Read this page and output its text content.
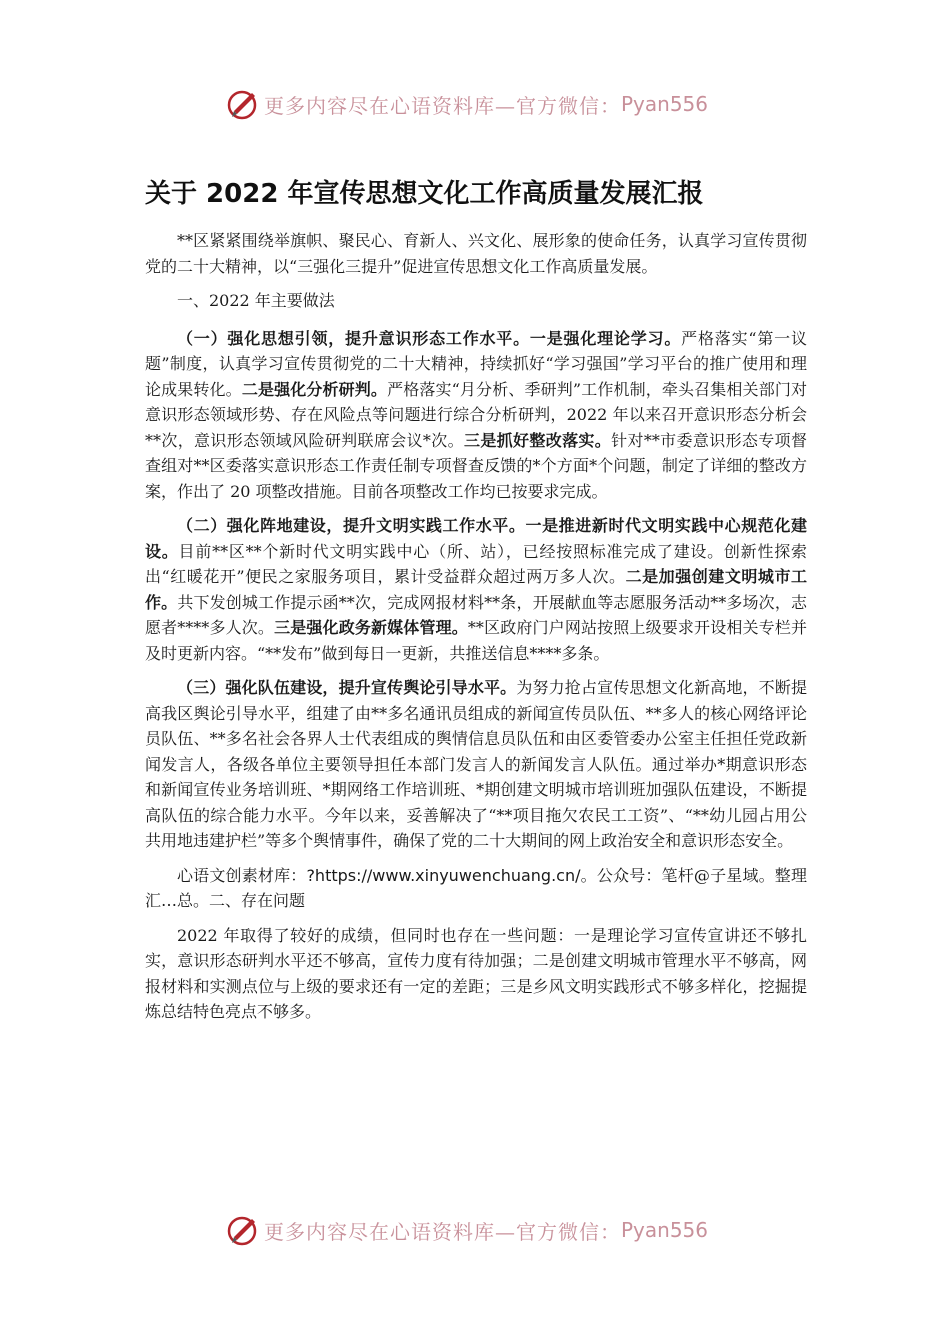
更多内容尽在心语资料库—官方微信： Pyan556
关于 2022 年宣传思想文化工作高质量发展汇报

**区紧紧围绕举旗帜、聚民心、育新人、兴文化、展形象的使命任务，认真学习宣传贯彻党的二十大精神，以“三强化三提升”促进宣传思想文化工作高质量发展。

一、2022 年主要做法

（一）强化思想引领，提升意识形态工作水平。一是强化理论学习。严格落实“第一议题”制度，认真学习宣传贯彻党的二十大精神，持续抓好“学习强国”学习平台的推广使用和理论成果转化。二是强化分析研判。严格落实“月分析、季研判”工作机制，牵头召集相关部门对意识形态领域形势、存在风险点等问题进行综合分析研判，2022 年以来召开意识形态分析会**次，意识形态领域风险研判联席会议*次。三是抓好整改落实。针对**市委意识形态专项督查组对**区委落实意识形态工作责任制专项督查反馈的*个方面*个问题，制定了详细的整改方案，作出了 20 项整改措施。目前各项整改工作均已按要求完成。

（二）强化阵地建设，提升文明实践工作水平。一是推进新时代文明实践中心规范化建设。目前**区**个新时代文明实践中心（所、站），已经按照标准完成了建设。创新性探索出“红暖花开”便民之家服务项目，累计受益群众超过两万多人次。二是加强创建文明城市工作。共下发创城工作提示函**次，完成网报材料**条，开展献血等志愿服务活动**多场次，志愿者****多人次。三是强化政务新媒体管理。**区政府门户网站按照上级要求开设相关专栏并及时更新内容。“**发布”做到每日一更新，共推送信息****多条。

（三）强化队伍建设，提升宣传舆论引导水平。为努力抢占宣传思想文化新高地，不断提高我区舆论引导水平，组建了由**多名通讯员组成的新闻宣传员队伍、**多人的核心网络评论员队伍、**多名社会各界人士代表组成的舆情信息员队伍和由区委管委办公室主任担任党政新闻发言人，各级各单位主要领导担任本部门发言人的新闻发言人队伍。通过举办*期意识形态和新闻宣传业务培训班、*期网络工作培训班、*期创建文明城市培训班加强队伍建设，不断提高队伍的综合能力水平。今年以来，妥善解决了“**项目拖欠农民工工资”、“**幼儿园占用公共用地违建护栏”等多个舆情事件，确保了党的二十大期间的网上政治安全和意识形态安全。

心语文创素材库：?https://www.xinyuwenchuang.cn/。公众号：笔杆@子星域。整理汇…总。二、存在问题

2022 年取得了较好的成绩，但同时也存在一些问题：一是理论学习宣传宣讲还不够扎实，意识形态研判水平还不够高，宣传力度有待加强；二是创建文明城市管理水平不够高，网报材料和实测点位与上级的要求还有一定的差距；三是乡风文明实践形式不够多样化，挖掘提炼总结特色亮点不够多。

更多内容尽在心语资料库—官方微信： Pyan556
